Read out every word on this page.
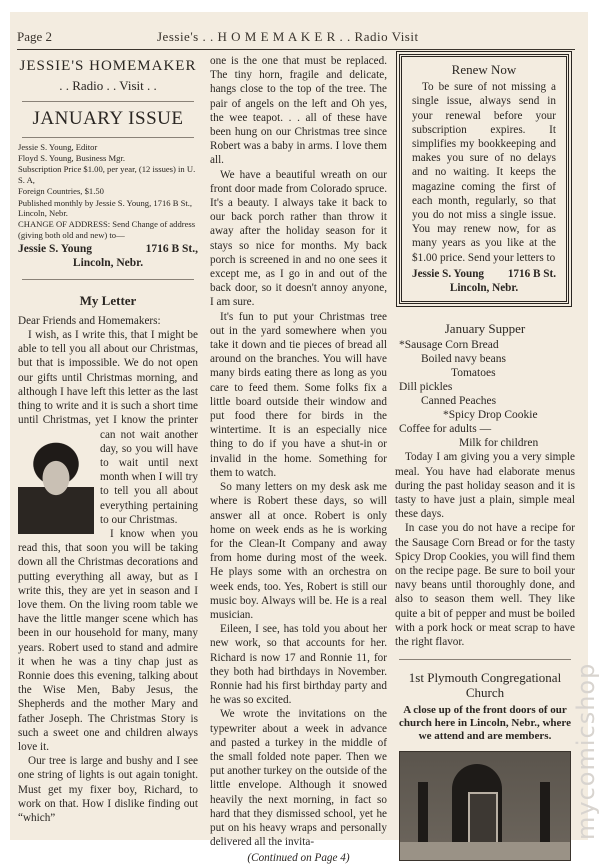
Page 2	Jessie's . . H O M E M A K E R . . Radio Visit
JESSIE'S HOMEMAKER
. . Radio . . Visit . .
JANUARY ISSUE
Jessie S. Young, Editor
Floyd S. Young, Business Mgr.
Subscription Price $1.00, per year, (12 issues) in U. S. A,
Foreign Countries, $1.50
Published monthly by Jessie S. Young, 1716 B St., Lincoln, Nebr.
CHANGE OF ADDRESS: Send Change of address (giving both old and new) to—
Jessie S. Young	1716 B St.,
Lincoln, Nebr.
My Letter

Dear Friends and Homemakers:

I wish, as I write this, that I might be able to tell you all about our Christmas, but that is impossible. We do not open our gifts until Christmas morning, and although I have left this letter as the last thing to write and it is such a short time until Christmas, yet I know the printer can not
wait another day, so you will have to wait until next month when I will try to tell you all about everything pertaining to our Christmas.

I know when you read this, that soon you will be taking down all the Christmas decorations and putting everything all away, but as I write this, they are yet in season and I love them. On the living room table we have the little manger scene which has been in our household for many, many years. Robert used to stand and admire it when he was a tiny chap just as Ronnie does this evening, talking about the Wise Men, Baby Jesus, the Shepherds and the mother Mary and father Joseph. The Christmas Story is such a sweet one and children always love it.

Our tree is large and bushy and I see one string of lights is out again tonight. Must get my fixer boy, Richard, to work on that. How I dislike finding out “which”

one is the one that must be replaced. The tiny horn, fragile and delicate, hangs close to the top of the tree. The pair of angels on the left and Oh yes, the wee teapot. . . all of these have been hung on our Christmas tree since Robert was a baby in arms. I love them all.

We have a beautiful wreath on our front door made from Colorado spruce. It's a beauty. I always take it back to our back porch rather than throw it away after the holiday season for it stays so nice for months. My back porch is screened in and no one sees it except me, as I go in and out of the back door, so it doesn't annoy anyone, I am sure.

It's fun to put your Christmas tree out in the yard somewhere when you take it down and tie pieces of bread all around on the branches. You will have many birds eating there as long as you care to feed them. Some folks fix a little board outside their window and put food there for birds in the wintertime. It is an especially nice thing to do if you have a shut-in or invalid in the home. Something for them to watch.

So many letters on my desk ask me where is Robert these days, so will answer all at once. Robert is only home on week ends as he is working for the Clean-It Company and away from home during most of the week. He plays some with an orchestra on week ends, too. Yes, Robert is still our music boy. Always will be. He is a real musician.

Eileen, I see, has told you about her new work, so that accounts for her. Richard is now 17 and Ronnie 11, for they both had birthdays in November. Ronnie had his first birthday party and he was so excited.

We wrote the invitations on the typewriter about a week in advance and pasted a turkey in the middle of the small folded note paper. Then we put another turkey on the outside of the little envelope. Although it snowed heavily the next morning, in fact so hard that they dismissed school, yet he put on his heavy wraps and personally delivered all the invita-

(Continued on Page 4)
Renew Now

To be sure of not missing a single issue, always send in your renewal before your subscription expires. It simplifies my bookkeeping and makes you sure of no delays and no waiting. It keeps the magazine coming the first of each month, regularly, so that you do not miss a single issue. You may renew now, for as many years as you like at the $1.00 price. Send your letters to

Jessie S. Young 1716 B St.
Lincoln, Nebr.
January Supper
*Sausage Corn Bread
Boiled navy beans
Tomatoes
Dill pickles
Canned Peaches
*Spicy Drop Cookie
Coffee for adults —
Milk for children

Today I am giving you a very simple meal. You have had elaborate menus during the past holiday season and it is tasty to have just a plain, simple meal these days.

In case you do not have a recipe for the Sausage Corn Bread or for the tasty Spicy Drop Cookies, you will find them on the recipe page. Be sure to boil your navy beans until thoroughly done, and also to season them well. They like quite a bit of pepper and must be boiled with a pork hock or meat scrap to have the right flavor.

1st Plymouth Congregational Church
A close up of the front doors of our church here in Lincoln, Nebr., where we attend and are members. mycomicshop
